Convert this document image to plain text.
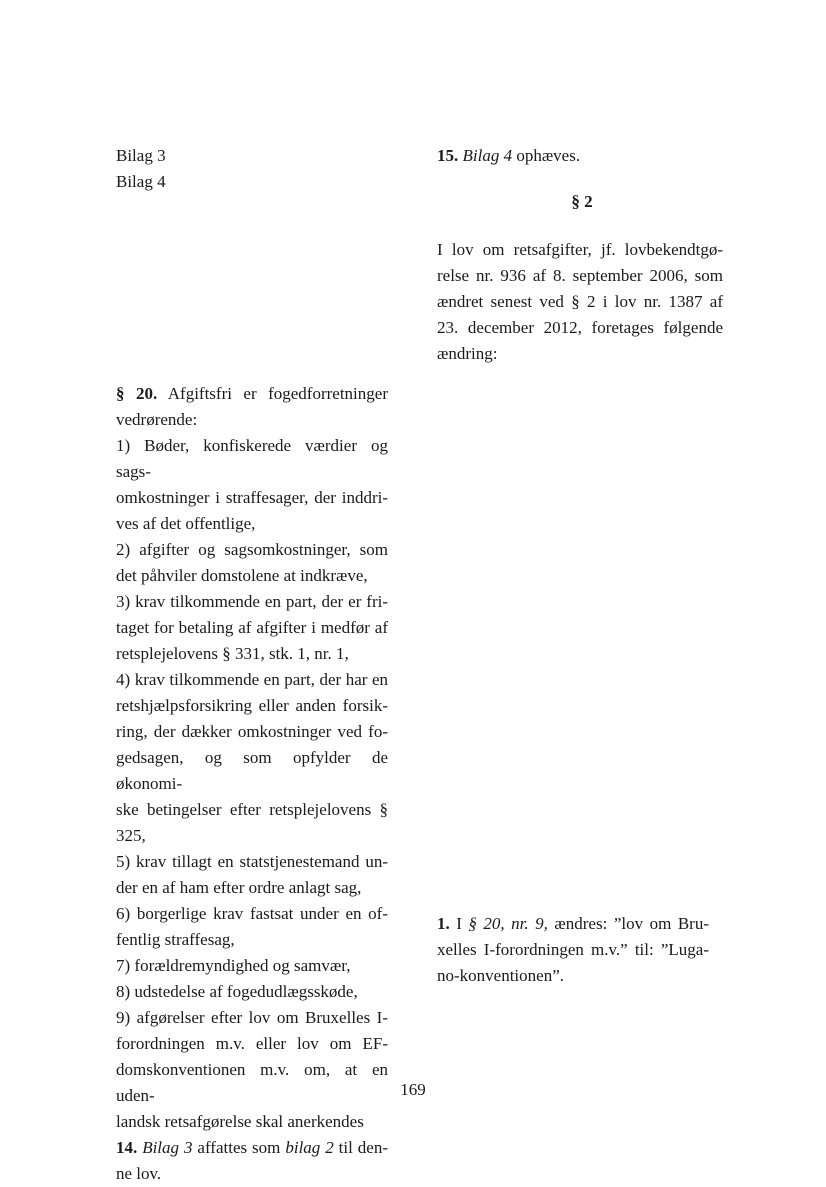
Bilag 3
Bilag 4
15. Bilag 4 ophæves.
§ 2
I lov om retsafgifter, jf. lovbekendtgø-
relse nr. 936 af 8. september 2006, som
ændret senest ved § 2 i lov nr. 1387 af
23. december 2012, foretages følgende
ændring:
§ 20. Afgiftsfri er fogedforretninger
vedrørende:
1) Bøder, konfiskerede værdier og sags-
omkostninger i straffesager, der inddri-
ves af det offentlige,
2) afgifter og sagsomkostninger, som
det påhviler domstolene at indkræve,
3) krav tilkommende en part, der er fri-
taget for betaling af afgifter i medfør af
retsplejelovens § 331, stk. 1, nr. 1,
4) krav tilkommende en part, der har en
retshjælpsforsikring eller anden forsik-
ring, der dækker omkostninger ved fo-
gedsagen, og som opfylder de økonomi-
ske betingelser efter retsplejelovens §
325,
5) krav tillagt en statstjenestemand un-
der en af ham efter ordre anlagt sag,
6) borgerlige krav fastsat under en of-
fentlig straffesag,
7) forældremyndighed og samvær,
8) udstedelse af fogedudlægsskøde,
9) afgørelser efter lov om Bruxelles I-
forordningen m.v. eller lov om EF-
domskonventionen m.v. om, at en uden-
landsk retsafgørelse skal anerkendes
14. Bilag 3 affattes som bilag 2 til den-
ne lov.
1. I § 20, nr. 9, ændres: ”lov om Bru-
xelles I-forordningen m.v.” til: ”Luga-
no-konventionen”.
169
